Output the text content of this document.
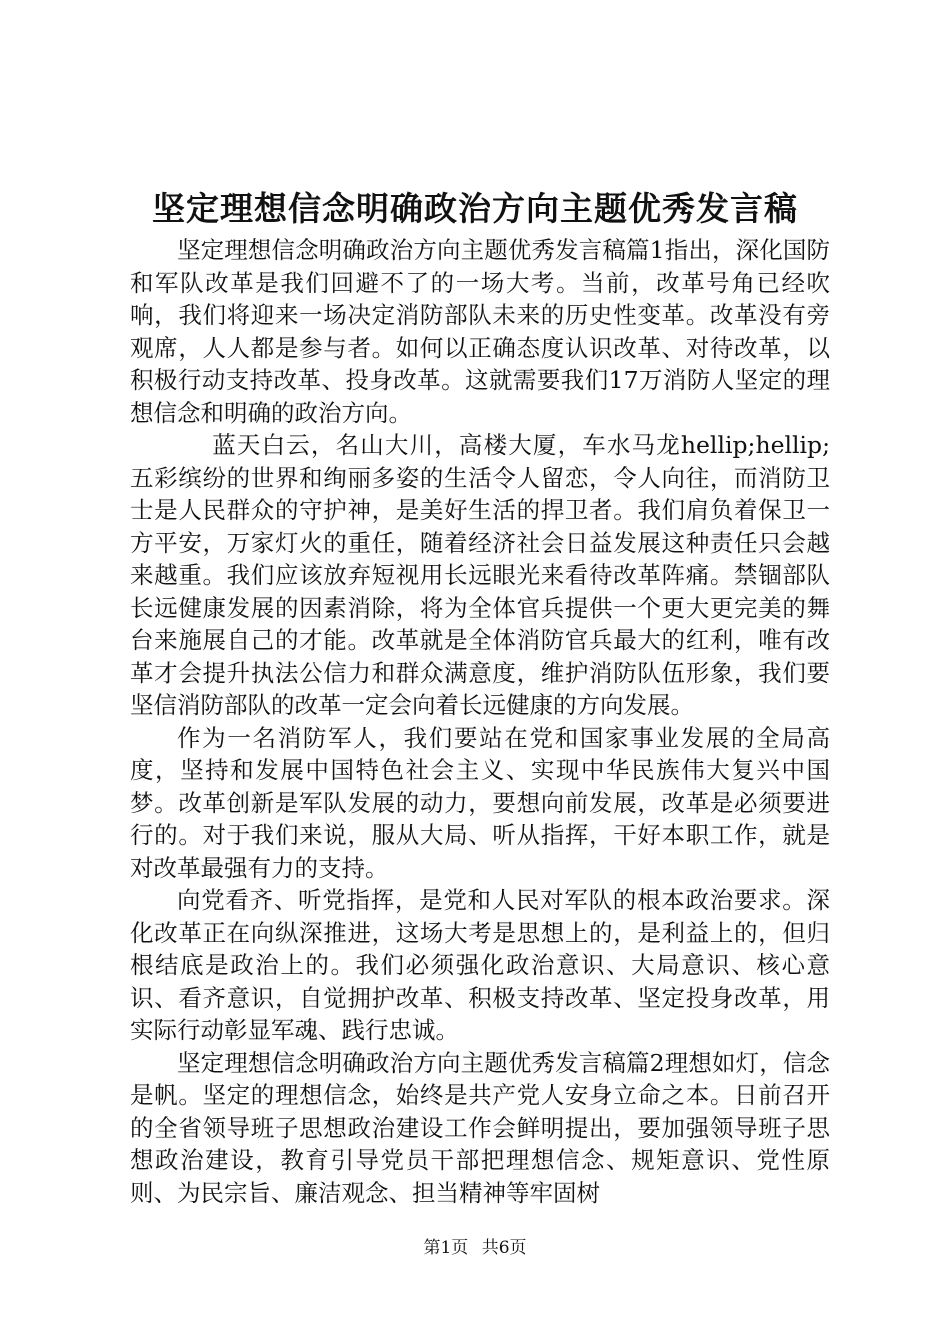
坚定理想信念明确政治方向主题优秀发言稿

坚定理想信念明确政治方向主题优秀发言稿篇1指出，深化国防和军队改革是我们回避不了的一场大考。当前，改革号角已经吹响，我们将迎来一场决定消防部队未来的历史性变革。改革没有旁观席，人人都是参与者。如何以正确态度认识改革、对待改革，以积极行动支持改革、投身改革。这就需要我们17万消防人坚定的理想信念和明确的政治方向。

蓝天白云，名山大川，高楼大厦，车水马龙hellip;hellip;五彩缤纷的世界和绚丽多姿的生活令人留恋，令人向往，而消防卫士是人民群众的守护神，是美好生活的捍卫者。我们肩负着保卫一方平安，万家灯火的重任，随着经济社会日益发展这种责任只会越来越重。我们应该放弃短视用长远眼光来看待改革阵痛。禁锢部队长远健康发展的因素消除，将为全体官兵提供一个更大更完美的舞台来施展自己的才能。改革就是全体消防官兵最大的红利，唯有改革才会提升执法公信力和群众满意度，维护消防队伍形象，我们要坚信消防部队的改革一定会向着长远健康的方向发展。

作为一名消防军人，我们要站在党和国家事业发展的全局高度，坚持和发展中国特色社会主义、实现中华民族伟大复兴中国梦。改革创新是军队发展的动力，要想向前发展，改革是必须要进行的。对于我们来说，服从大局、听从指挥，干好本职工作，就是对改革最强有力的支持。

向党看齐、听党指挥，是党和人民对军队的根本政治要求。深化改革正在向纵深推进，这场大考是思想上的，是利益上的，但归根结底是政治上的。我们必须强化政治意识、大局意识、核心意识、看齐意识，自觉拥护改革、积极支持改革、坚定投身改革，用实际行动彰显军魂、践行忠诚。

坚定理想信念明确政治方向主题优秀发言稿篇2理想如灯，信念是帆。坚定的理想信念，始终是共产党人安身立命之本。日前召开的全省领导班子思想政治建设工作会鲜明提出，要加强领导班子思想政治建设，教育引导党员干部把理想信念、规矩意识、党性原则、为民宗旨、廉洁观念、担当精神等牢固树

第1页 共6页
